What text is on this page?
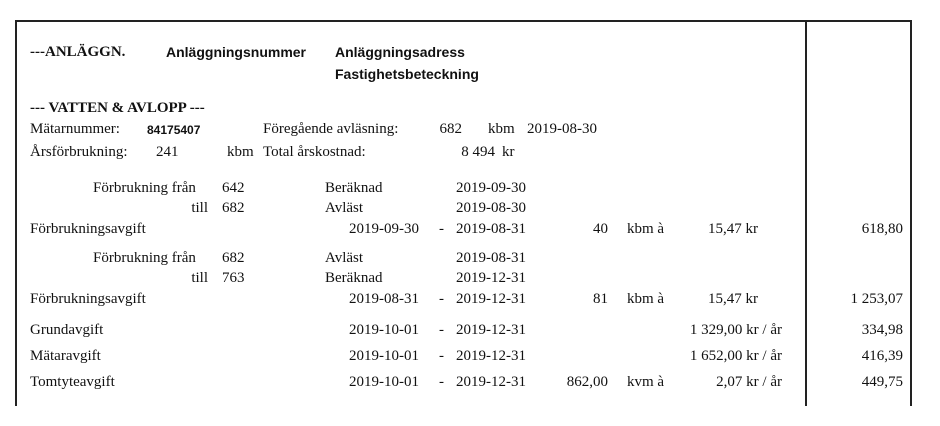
---ANLÄGGN.	Anläggningsnummer Anläggningsadress
Fastighetsbeteckning
--- VATTEN & AVLOPP ---
Mätarnummer: 84175407	Föregående avläsning:	682 kbm 2019-08-30
Årsförbrukning: 241	kbm Total årskostnad:	8 494 kr
Förbrukning från 642	Beräknad	2019-09-30
till 682	Avläst	2019-08-30
Förbrukningsavgift	2019-09-30 - 2019-08-31	40 kbm à	15,47 kr	618,80
Förbrukning från 682	Avläst	2019-08-31
till 763	Beräknad	2019-12-31
Förbrukningsavgift	2019-08-31 - 2019-12-31	81 kbm à	15,47 kr	1 253,07
Grundavgift	2019-10-01 - 2019-12-31	1 329,00 kr / år	334,98
Mätaravgift	2019-10-01 - 2019-12-31	1 652,00 kr / år	416,39
Tomtyteavgift	2019-10-01 - 2019-12-31	862,00 kvm à	2,07 kr / år	449,75
